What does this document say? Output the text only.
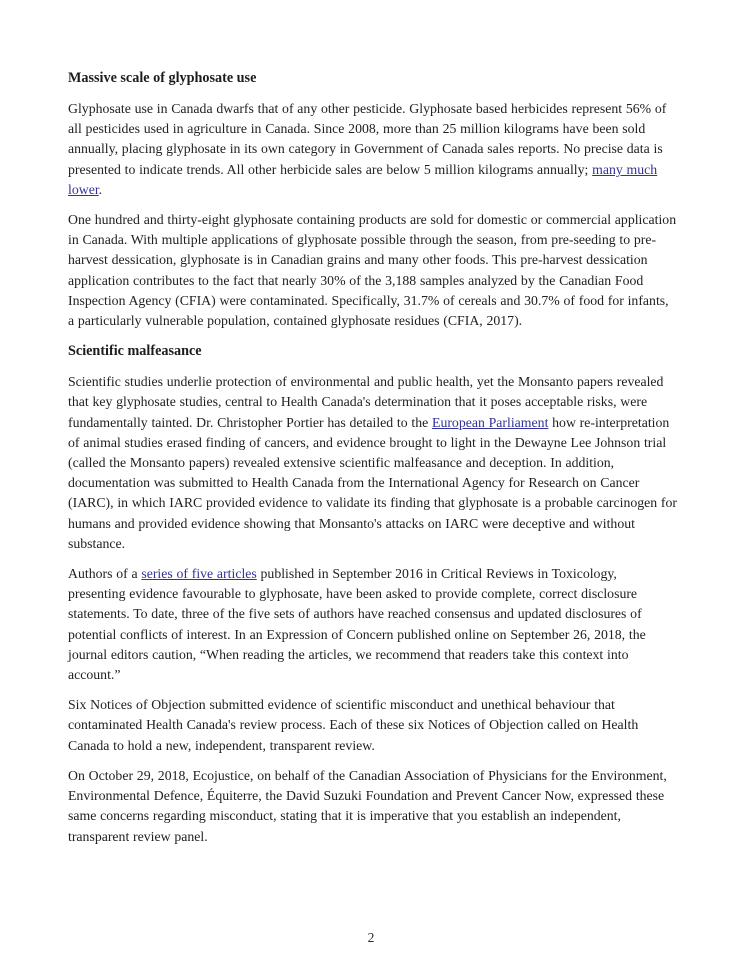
Massive scale of glyphosate use

Glyphosate use in Canada dwarfs that of any other pesticide. Glyphosate based herbicides represent 56% of all pesticides used in agriculture in Canada. Since 2008, more than 25 million kilograms have been sold annually, placing glyphosate in its own category in Government of Canada sales reports. No precise data is presented to indicate trends. All other herbicide sales are below 5 million kilograms annually; many much lower.

One hundred and thirty-eight glyphosate containing products are sold for domestic or commercial application in Canada. With multiple applications of glyphosate possible through the season, from pre-seeding to pre-harvest dessication, glyphosate is in Canadian grains and many other foods. This pre-harvest dessication application contributes to the fact that nearly 30% of the 3,188 samples analyzed by the Canadian Food Inspection Agency (CFIA) were contaminated. Specifically, 31.7% of cereals and 30.7% of food for infants, a particularly vulnerable population, contained glyphosate residues (CFIA, 2017).

Scientific malfeasance

Scientific studies underlie protection of environmental and public health, yet the Monsanto papers revealed that key glyphosate studies, central to Health Canada's determination that it poses acceptable risks, were fundamentally tainted. Dr. Christopher Portier has detailed to the European Parliament how re-interpretation of animal studies erased finding of cancers, and evidence brought to light in the Dewayne Lee Johnson trial (called the Monsanto papers) revealed extensive scientific malfeasance and deception. In addition, documentation was submitted to Health Canada from the International Agency for Research on Cancer (IARC), in which IARC provided evidence to validate its finding that glyphosate is a probable carcinogen for humans and provided evidence showing that Monsanto's attacks on IARC were deceptive and without substance.

Authors of a series of five articles published in September 2016 in Critical Reviews in Toxicology, presenting evidence favourable to glyphosate, have been asked to provide complete, correct disclosure statements. To date, three of the five sets of authors have reached consensus and updated disclosures of potential conflicts of interest. In an Expression of Concern published online on September 26, 2018, the journal editors caution, “When reading the articles, we recommend that readers take this context into account.”

Six Notices of Objection submitted evidence of scientific misconduct and unethical behaviour that contaminated Health Canada's review process. Each of these six Notices of Objection called on Health Canada to hold a new, independent, transparent review.

On October 29, 2018, Ecojustice, on behalf of the Canadian Association of Physicians for the Environment, Environmental Defence, Équiterre, the David Suzuki Foundation and Prevent Cancer Now, expressed these same concerns regarding misconduct, stating that it is imperative that you establish an independent, transparent review panel.

2
